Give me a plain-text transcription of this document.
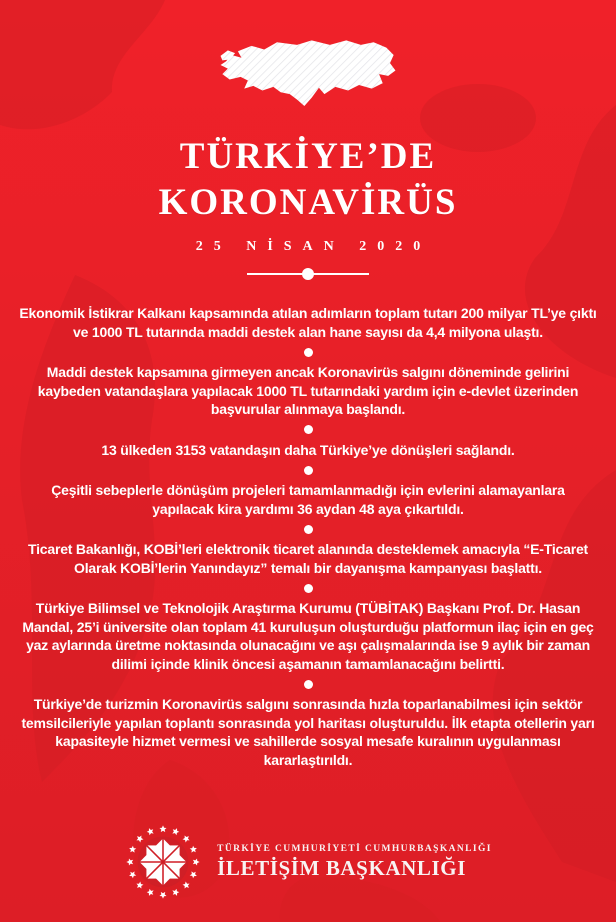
TÜRKİYE’DE
KORONAVİRÜS
25 NİSAN 2020

Ekonomik İstikrar Kalkanı kapsamında atılan adımların toplam tutarı 200 milyar TL’ye çıktı ve 1000 TL tutarında maddi destek alan hane sayısı da 4,4 milyona ulaştı.

Maddi destek kapsamına girmeyen ancak Koronavirüs salgını döneminde gelirini kaybeden vatandaşlara yapılacak 1000 TL tutarındaki yardım için e-devlet üzerinden başvurular alınmaya başlandı.

13 ülkeden 3153 vatandaşın daha Türkiye’ye dönüşleri sağlandı.

Çeşitli sebeplerle dönüşüm projeleri tamamlanmadığı için evlerini alamayanlara yapılacak kira yardımı 36 aydan 48 aya çıkartıldı.

Ticaret Bakanlığı, KOBİ’leri elektronik ticaret alanında desteklemek amacıyla “E-Ticaret Olarak KOBİ’lerin Yanındayız” temalı bir dayanışma kampanyası başlattı.

Türkiye Bilimsel ve Teknolojik Araştırma Kurumu (TÜBİTAK) Başkanı Prof. Dr. Hasan Mandal, 25’i üniversite olan toplam 41 kuruluşun oluşturduğu platformun ilaç için en geç yaz aylarında üretme noktasında olunacağını ve aşı çalışmalarında ise 9 aylık bir zaman dilimi içinde klinik öncesi aşamanın tamamlanacağını belirtti.

Türkiye’de turizmin Koronavirüs salgını sonrasında hızla toparlanabilmesi için sektör temsilcileriyle yapılan toplantı sonrasında yol haritası oluşturuldu. İlk etapta otellerin yarı kapasiteyle hizmet vermesi ve sahillerde sosyal mesafe kuralının uygulanması kararlaştırıldı.

TÜRKİYE CUMHURİYETİ CUMHURBAŞKANLIĞI
İLETİŞİM BAŞKANLIĞI
